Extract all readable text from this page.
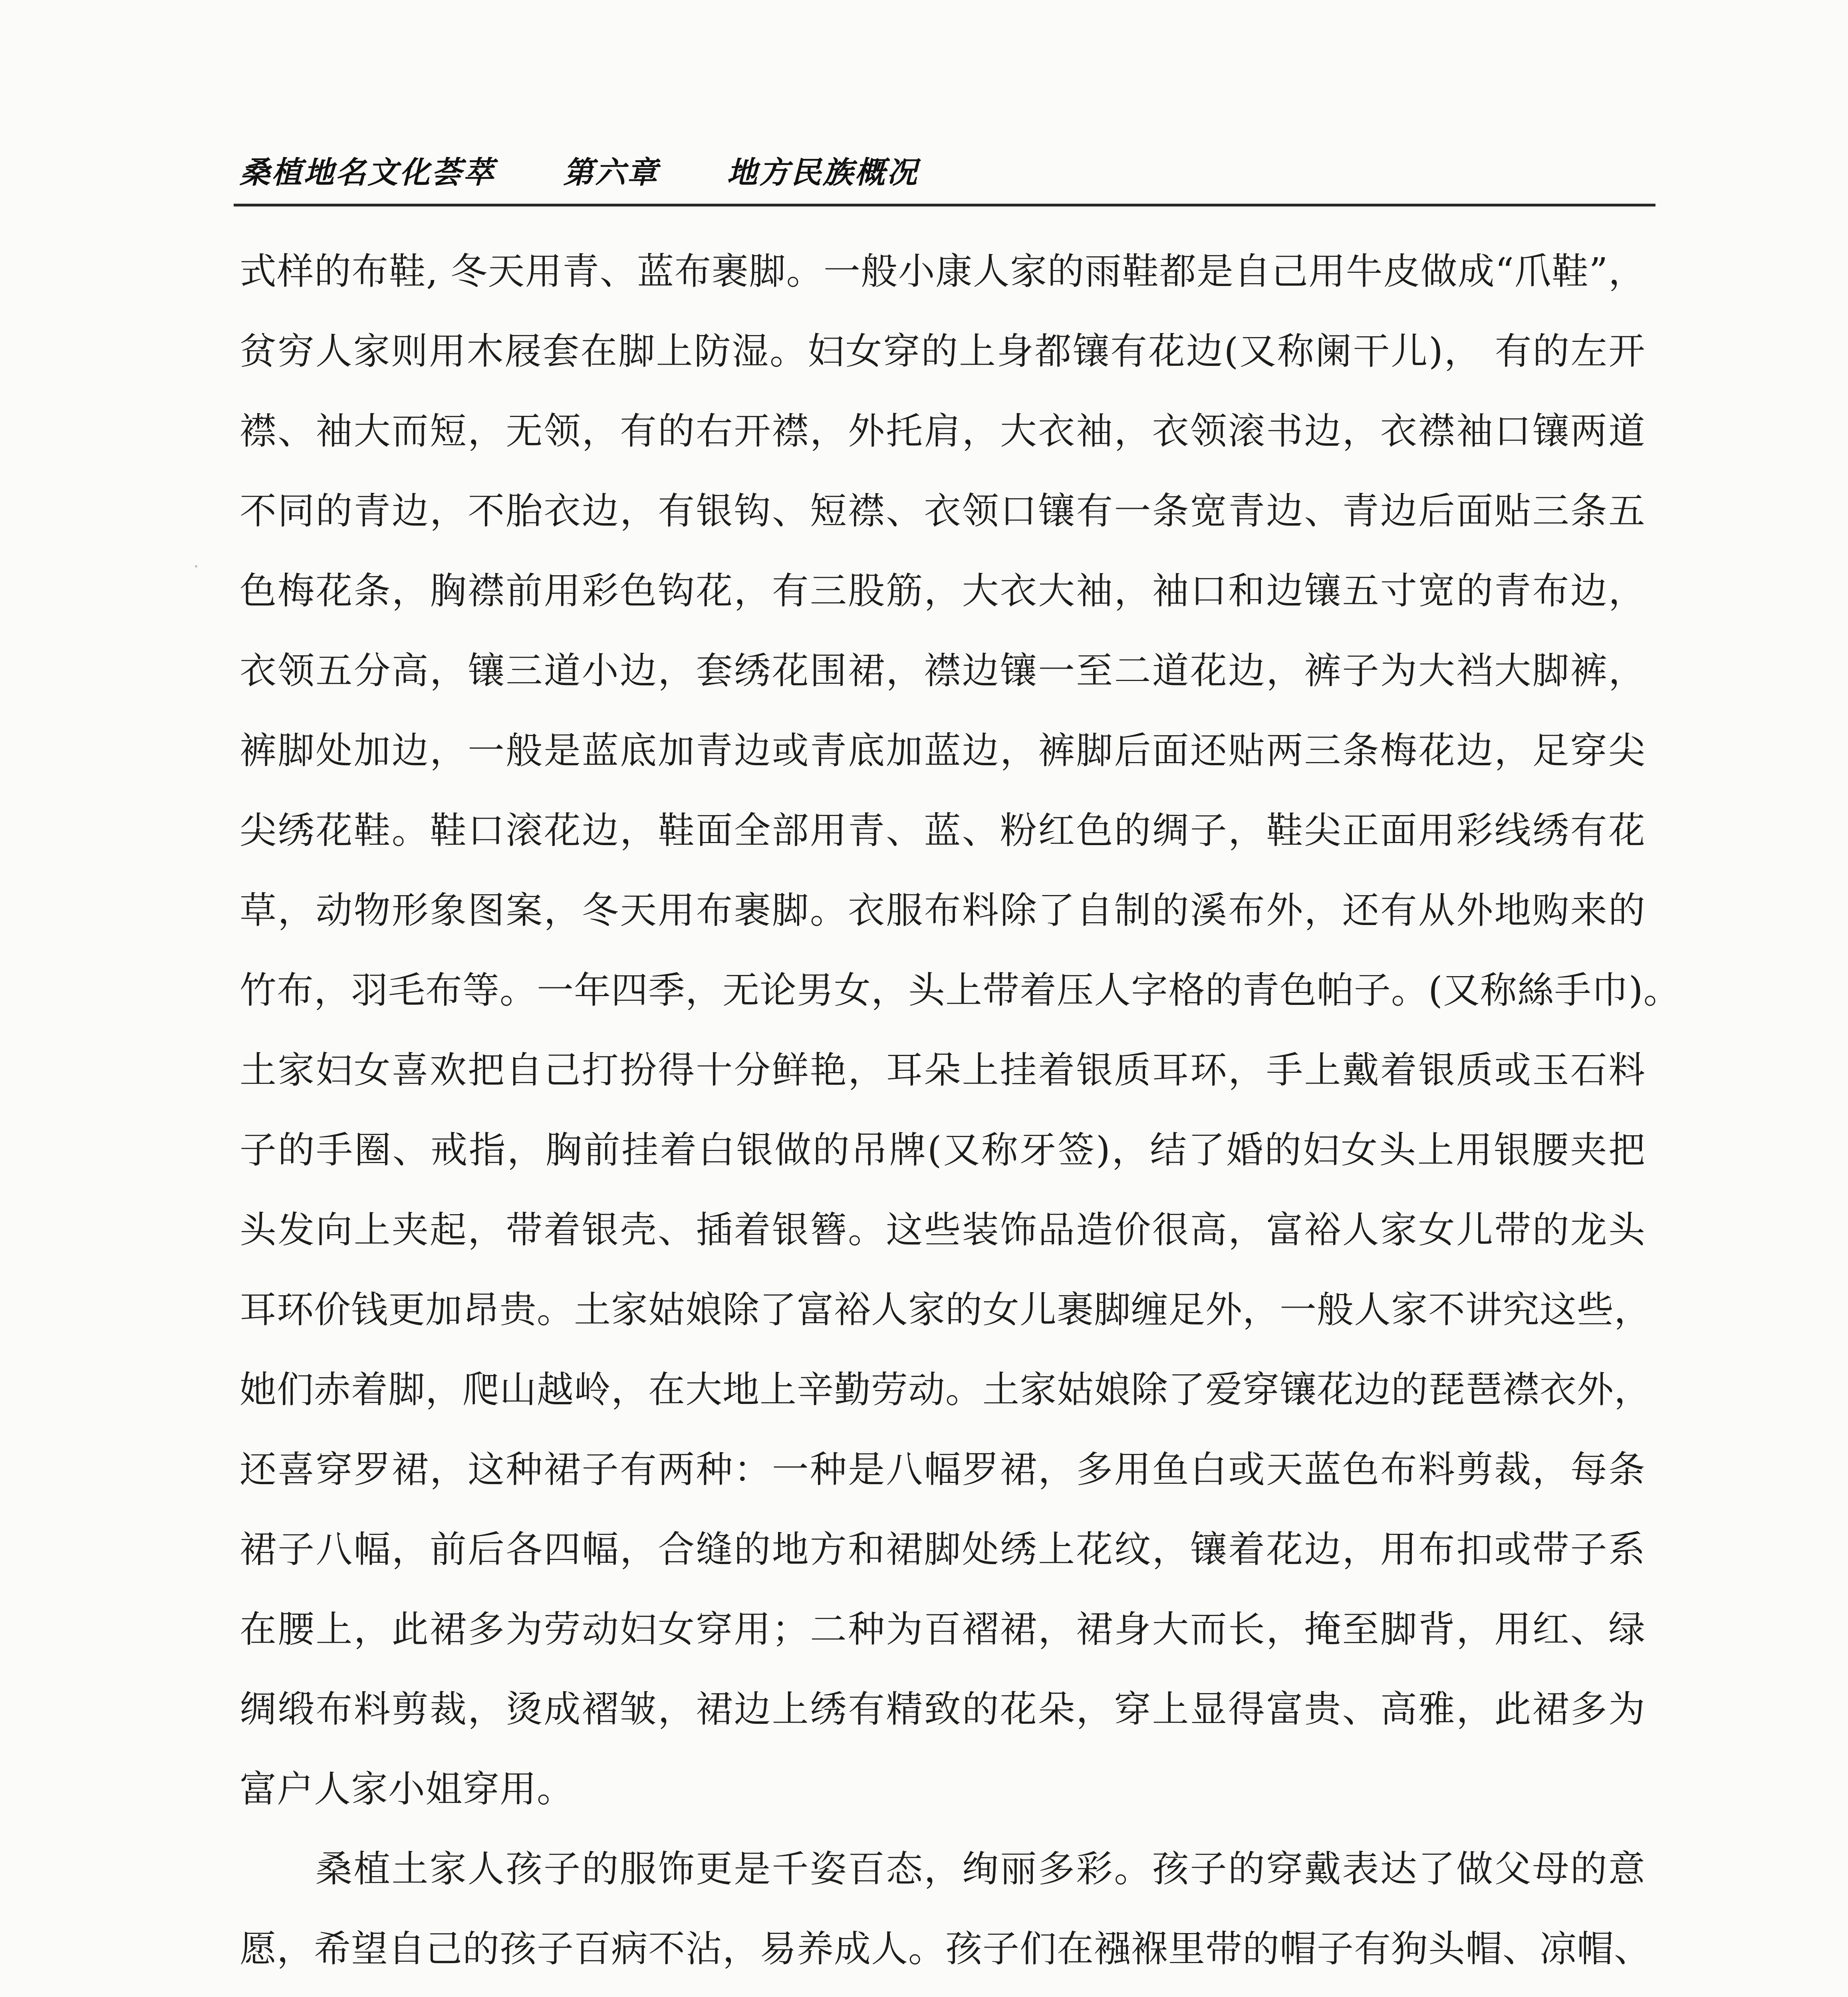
桑植地名文化荟萃 第六章 地方民族概况
式样的布鞋, 冬天用青、蓝布裹脚。一般小康人家的雨鞋都是自己用牛皮做成“爪鞋”，
贫穷人家则用木屐套在脚上防湿。妇女穿的上身都镶有花边(又称阑干儿)， 有的左开
襟、袖大而短，无领，有的右开襟，外托肩，大衣袖，衣领滚书边，衣襟袖口镶两道
不同的青边，不胎衣边，有银钩、短襟、衣领口镶有一条宽青边、青边后面贴三条五
色梅花条，胸襟前用彩色钩花，有三股筋，大衣大袖，袖口和边镶五寸宽的青布边，
衣领五分高，镶三道小边，套绣花围裙，襟边镶一至二道花边，裤子为大裆大脚裤，
裤脚处加边，一般是蓝底加青边或青底加蓝边，裤脚后面还贴两三条梅花边，足穿尖
尖绣花鞋。鞋口滚花边，鞋面全部用青、蓝、粉红色的绸子，鞋尖正面用彩线绣有花
草，动物形象图案，冬天用布裹脚。衣服布料除了自制的溪布外，还有从外地购来的
竹布，羽毛布等。一年四季，无论男女，头上带着压人字格的青色帕子。(又称絲手巾)。
土家妇女喜欢把自己打扮得十分鲜艳，耳朵上挂着银质耳环，手上戴着银质或玉石料
子的手圈、戒指，胸前挂着白银做的吊牌(又称牙签)，结了婚的妇女头上用银腰夹把
头发向上夹起，带着银壳、插着银簪。这些装饰品造价很高，富裕人家女儿带的龙头
耳环价钱更加昂贵。土家姑娘除了富裕人家的女儿裹脚缠足外，一般人家不讲究这些，
她们赤着脚，爬山越岭，在大地上辛勤劳动。土家姑娘除了爱穿镶花边的琵琶襟衣外，
还喜穿罗裙，这种裙子有两种：一种是八幅罗裙，多用鱼白或天蓝色布料剪裁，每条
裙子八幅，前后各四幅，合缝的地方和裙脚处绣上花纹，镶着花边，用布扣或带子系
在腰上，此裙多为劳动妇女穿用；二种为百褶裙，裙身大而长，掩至脚背，用红、绿
绸缎布料剪裁，烫成褶皱，裙边上绣有精致的花朵，穿上显得富贵、高雅，此裙多为
富户人家小姐穿用。
桑植土家人孩子的服饰更是千姿百态，绚丽多彩。孩子的穿戴表达了做父母的意
愿，希望自己的孩子百病不沾，易养成人。孩子们在襁褓里带的帽子有狗头帽、凉帽、
